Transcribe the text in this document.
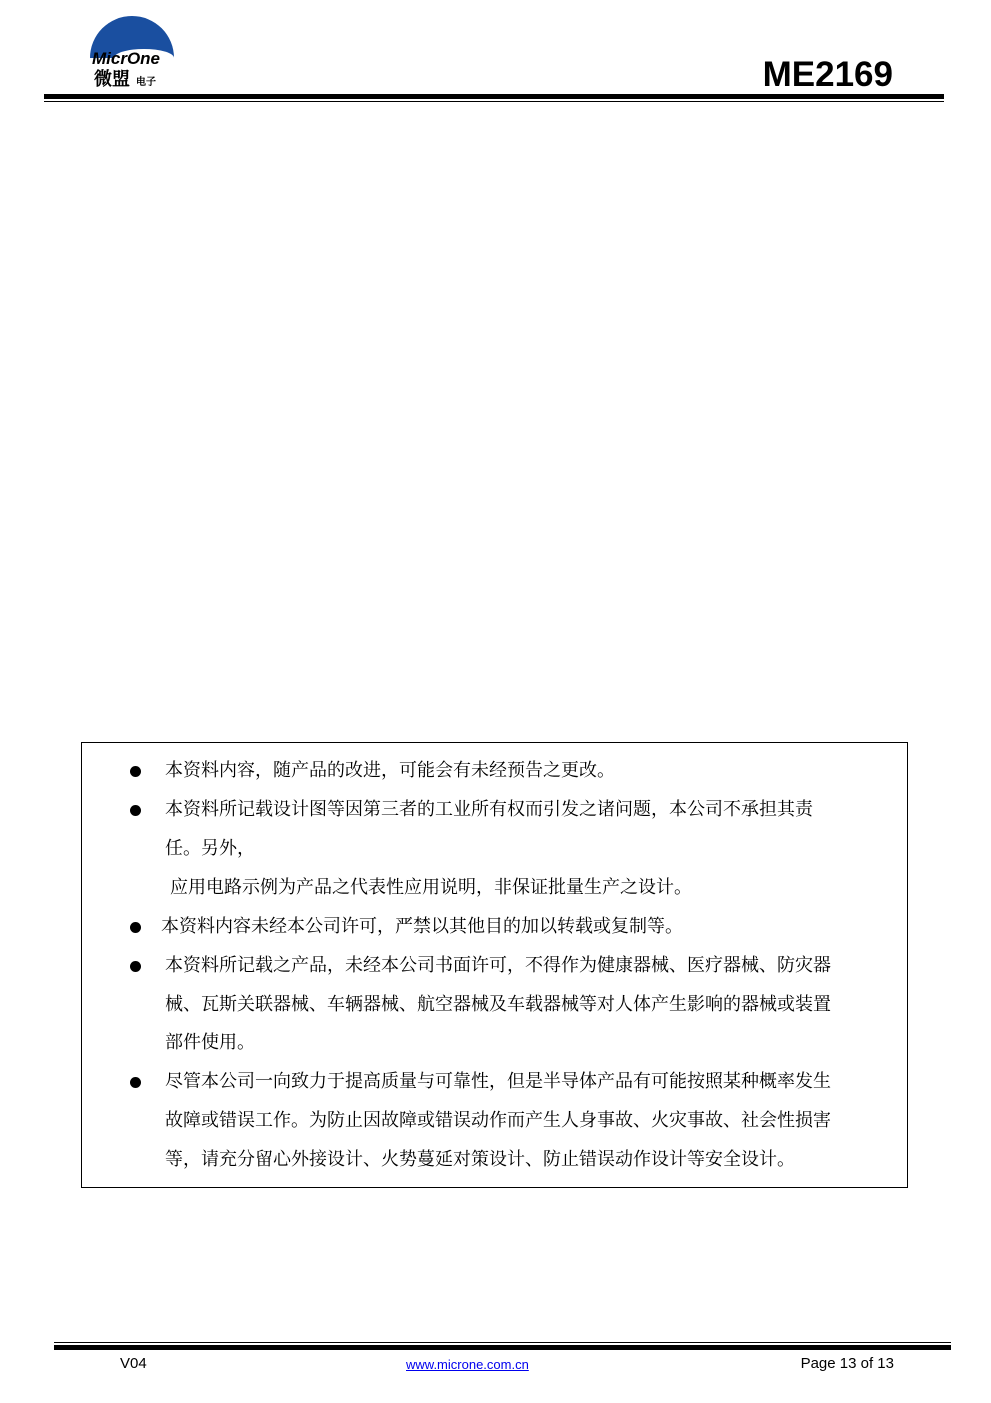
MicrOne
微盟 电子	ME2169
本资料内容，随产品的改进，可能会有未经预告之更改。
本资料所记载设计图等因第三者的工业所有权而引发之诸问题，本公司不承担其责
任。另外，
应用电路示例为产品之代表性应用说明，非保证批量生产之设计。
本资料内容未经本公司许可，严禁以其他目的加以转载或复制等。
本资料所记载之产品，未经本公司书面许可，不得作为健康器械、医疗器械、防灾器
械、瓦斯关联器械、车辆器械、航空器械及车载器械等对人体产生影响的器械或装置
部件使用。
尽管本公司一向致力于提高质量与可靠性，但是半导体产品有可能按照某种概率发生
故障或错误工作。为防止因故障或错误动作而产生人身事故、火灾事故、社会性损害
等，请充分留心外接设计、火势蔓延对策设计、防止错误动作设计等安全设计。
V04	www.microne.com.cn	Page 13 of 13
